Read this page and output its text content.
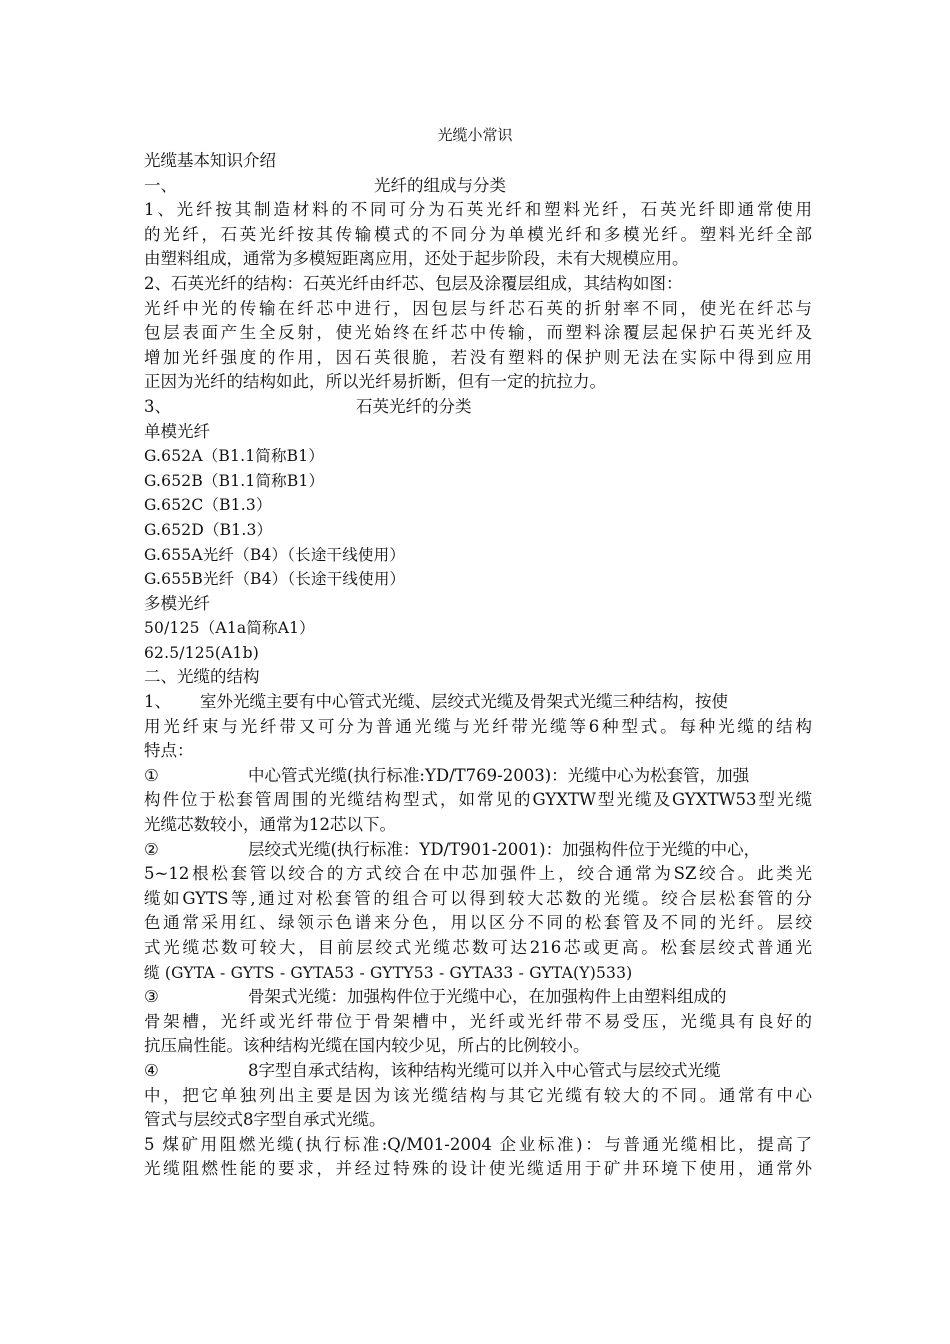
光缆小常识
光缆基本知识介绍
一、	光纤的组成与分类
1、光纤按其制造材料的不同可分为石英光纤和塑料光纤，石英光纤即通常使用
的光纤，石英光纤按其传输模式的不同分为单模光纤和多模光纤。塑料光纤全部
由塑料组成，通常为多模短距离应用，还处于起步阶段，未有大规模应用。
2、石英光纤的结构：石英光纤由纤芯、包层及涂覆层组成，其结构如图：
光纤中光的传输在纤芯中进行，因包层与纤芯石英的折射率不同，使光在纤芯与
包层表面产生全反射，使光始终在纤芯中传输，而塑料涂覆层起保护石英光纤及
增加光纤强度的作用，因石英很脆，若没有塑料的保护则无法在实际中得到应用
正因为光纤的结构如此，所以光纤易折断，但有一定的抗拉力。
3、	石英光纤的分类
单模光纤
G.652A（B1.1简称B1）
G.652B（B1.1简称B1）
G.652C（B1.3）
G.652D（B1.3）
G.655A光纤（B4）（长途干线使用）
G.655B光纤（B4）（长途干线使用）
多模光纤
50/125（A1a简称A1）
62.5/125(A1b)
二、光缆的结构
1、 室外光缆主要有中心管式光缆、层绞式光缆及骨架式光缆三种结构，按使
用光纤束与光纤带又可分为普通光缆与光纤带光缆等6种型式。每种光缆的结构
特点：
①	中心管式光缆(执行标准:YD/T769-2003)：光缆中心为松套管，加强
构件位于松套管周围的光缆结构型式，如常见的GYXTW型光缆及GYXTW53型光缆
光缆芯数较小，通常为12芯以下。
②	层绞式光缆(执行标准：YD/T901-2001)：加强构件位于光缆的中心，
5~12根松套管以绞合的方式绞合在中芯加强件上，绞合通常为SZ绞合。此类光
缆如GYTS等,通过对松套管的组合可以得到较大芯数的光缆。绞合层松套管的分
色通常采用红、绿领示色谱来分色，用以区分不同的松套管及不同的光纤。层绞
式光缆芯数可较大，目前层绞式光缆芯数可达216芯或更高。松套层绞式普通光
缆 (GYTA - GYTS - GYTA53 - GYTY53 - GYTA33 - GYTA(Y)533)
③	骨架式光缆：加强构件位于光缆中心，在加强构件上由塑料组成的
骨架槽，光纤或光纤带位于骨架槽中，光纤或光纤带不易受压，光缆具有良好的
抗压扁性能。该种结构光缆在国内较少见，所占的比例较小。
④	8字型自承式结构，该种结构光缆可以并入中心管式与层绞式光缆
中，把它单独列出主要是因为该光缆结构与其它光缆有较大的不同。通常有中心
管式与层绞式8字型自承式光缆。
5 煤矿用阻燃光缆(执行标准:Q/M01-2004 企业标准)：与普通光缆相比，提高了
光缆阻燃性能的要求，并经过特殊的设计使光缆适用于矿井环境下使用，通常外
